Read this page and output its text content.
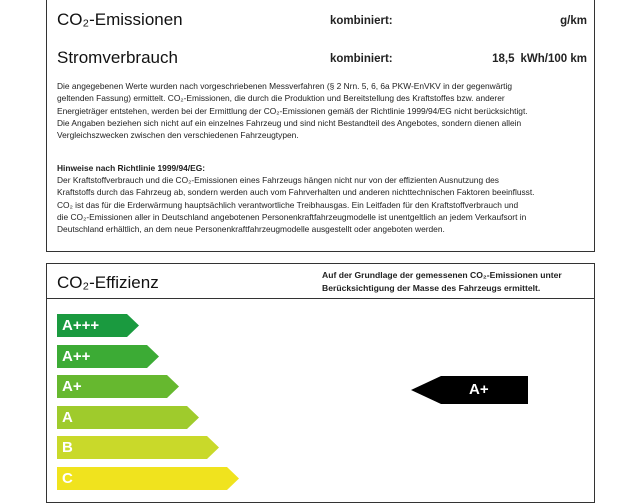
CO₂-Emissionen	kombiniert:	g/km
Stromverbrauch	kombiniert:	18,5 kWh/100 km
Die angegebenen Werte wurden nach vorgeschriebenen Messverfahren (§ 2 Nrn. 5, 6, 6a PKW-EnVKV in der gegenwärtig
geltenden Fassung) ermittelt. CO₂-Emissionen, die durch die Produktion und Bereitstellung des Kraftstoffes bzw. anderer
Energieträger entstehen, werden bei der Ermittlung der CO₂-Emissionen gemäß der Richtlinie 1999/94/EG nicht berücksichtigt.
Die Angaben beziehen sich nicht auf ein einzelnes Fahrzeug und sind nicht Bestandteil des Angebotes, sondern dienen allein
Vergleichszwecken zwischen den verschiedenen Fahrzeugtypen.
Hinweise nach Richtlinie 1999/94/EG:
Der Kraftstoffverbrauch und die CO₂-Emissionen eines Fahrzeugs hängen nicht nur von der effizienten Ausnutzung des
Kraftstoffs durch das Fahrzeug ab, sondern werden auch vom Fahrverhalten und anderen nichttechnischen Faktoren beeinflusst.
CO₂ ist das für die Erderwärmung hauptsächlich verantwortliche Treibhausgas. Ein Leitfaden für den Kraftstoffverbrauch und
die CO₂-Emissionen aller in Deutschland angebotenen Personenkraftfahrzeugmodelle ist unentgeltlich an jedem Verkaufsort in
Deutschland erhältlich, an dem neue Personenkraftfahrzeugmodelle ausgestellt oder angeboten werden.
CO₂-Effizienz	Auf der Grundlage der gemessenen CO₂-Emissionen unter
Berücksichtigung der Masse des Fahrzeugs ermittelt.
A+++
A++
A+
A
B
C
A+
